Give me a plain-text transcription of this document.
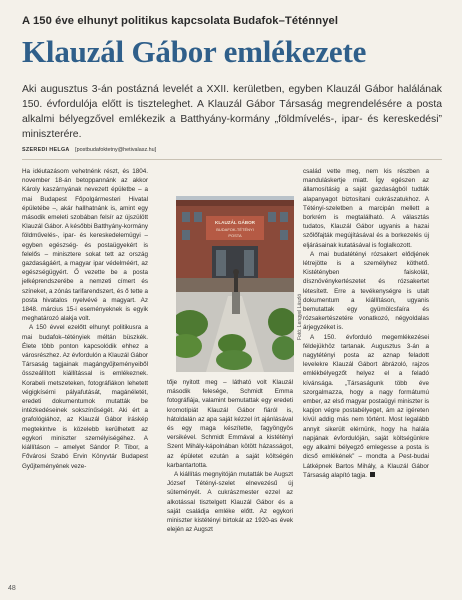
A 150 éve elhunyt politikus kapcsolata Budafok–Téténnyel
Klauzál Gábor emlékezete

Aki augusztus 3-án postázná levelét a XXII. kerületben, egyben Klauzál Gábor halálának 150. évfordulója előtt is tiszteleghet. A Klauzál Gábor Társaság megrendelésére a posta alkalmi bélyegzővel emlékezik a Batthyány-kormány „földmívelés-, ipar- és kereskedési” miniszterére.

SZEREDI HELGA [postbudafoktetny@hetivalasz.hu]

Ha idéutazásom vehetnénk részt, és 1804. november 18-án betoppannánk az akkor Károly kaszárnyának nevezett épületbe – a mai Budapest Főpolgármesteri Hivatal épületébe –, akár hallhatnánk is, amint egy második emeleti szobában felsír az újszülött Klauzál Gábor. A későbbi Batthyány-kormány földművelés-, ipar- és kereskedelemügyi – egyben egészség- és postaügyekért is felelős – minisztere sokat tett az ország gazdaságáért, a magyar ipar védelméért, az egészségügyért. Ő vezette be a posta jelképrendszerébe a nemzeti címert és színeket, a zónás tarifarendszert, és ő tette a posta hivatalos nyelvévé a magyart. Az 1848. március 15-i eseményeknek is egyik meghatározó alakja volt.

A 150 évvel ezelőtt elhunyt politikusra a mai budafok–tétényiek méltán büszkék. Élete több ponton kapcsolódik ehhez a városrészhez. Az évfordulón a Klauzál Gábor Társaság tagjainak magángyűjteményeiből összeállított kiállítással is emlékeznek. Korabeli metszeteken, fotográfiákon lehetett végigkísérni pályafutását, magánéletét, eredeti dokumentumok mutatták be intézkedéseinek sokszínűségét. Aki ért a grafológiához, az Klauzál Gábor íráskép megtekintve is közelebb kerülhetett az egykori miniszter személyiségéhez. A kiállításon – amelyet Sándor P. Tibor, a Fővárosi Szabó Ervin Könyvtár Budapest Gyűjteményének veze-

KLAUZÁL GÁBOR
BUDAFOK-TÉTÉNYI
POSTA
Fotó: Lengyel László

tője nyitott meg – látható volt Klauzál második felesége, Schmidt Emma fotográfiája, valamint bemutattak egy eredeti kromotípiát Klauzál Gábor fiáról is, hátoldalán az apa saját kézzel írt ajánlásával és egy maga készítette, fagyöngyös versikével. Schmidt Emmával a kistétényi Szent Mihály-kápolnában kötött házasságot, az épületet ezután a saját költségén karbantartotta.

A kiállítás megnyitóján mutatták be Augszt József Tétényi-szelet elnevezésű új süteményét. A cukrászmester ezzel az alkotással tisztelgett Klauzál Gábor és a saját családja emléke előtt. Az egykori miniszter kistétényi birtokát az 1920-as évek elején az Augszt

család vette meg, nem kis részben a manduláskertje miatt. Így egészen az államosításig a saját gazdaságból tudták alapanyagot biztosítani cukrászatukhoz. A Tétényi-szeletben a marcipán mellett a borkrém is megtalálható. A választás tudatos, Klauzál Gábor ugyanis a hazai szőlőfajták megújításával és a borkezelés új eljárásainak kutatásával is foglalkozott.

A mai budatétényi rózsakert elődjének létrejötte is a személyhez köthető. Kistétényben faiskolát, dísznövénykertészetet és rózsakertet létesített. Erre a tevékenységre is utalt dokumentum a kiállításon, ugyanis bemutattak egy gyümölcsfaíra és rózsakertészetére vonatkozó, négyoldalas árjegyzéket is.

A 150. évforduló megemlékezései féldejükhöz tartanak. Augusztus 3-án a nagytétényi posta az aznap feladott levelekre Klauzál Gábort ábrázoló, rajzos emlékbélyegzőt helyez el a feladó kívánsága. „Társaságunk több éve szorgalmazza, hogy a nagy formátumú ember, az első magyar postaügyi miniszter is kapjon végre postabélyeget, ám az igéreten kívül addig más nem történt. Most legalább annyit sikerült elérnünk, hogy ha halála napjának évfordulóján, saját költségünkre egy alkalmi bélyegző emlegesse a posta is dicső emlékének” – mondta a Pest-budai Látképnek Bartos Mihály, a Klauzál Gábor Társaság alapító tagja.

48
